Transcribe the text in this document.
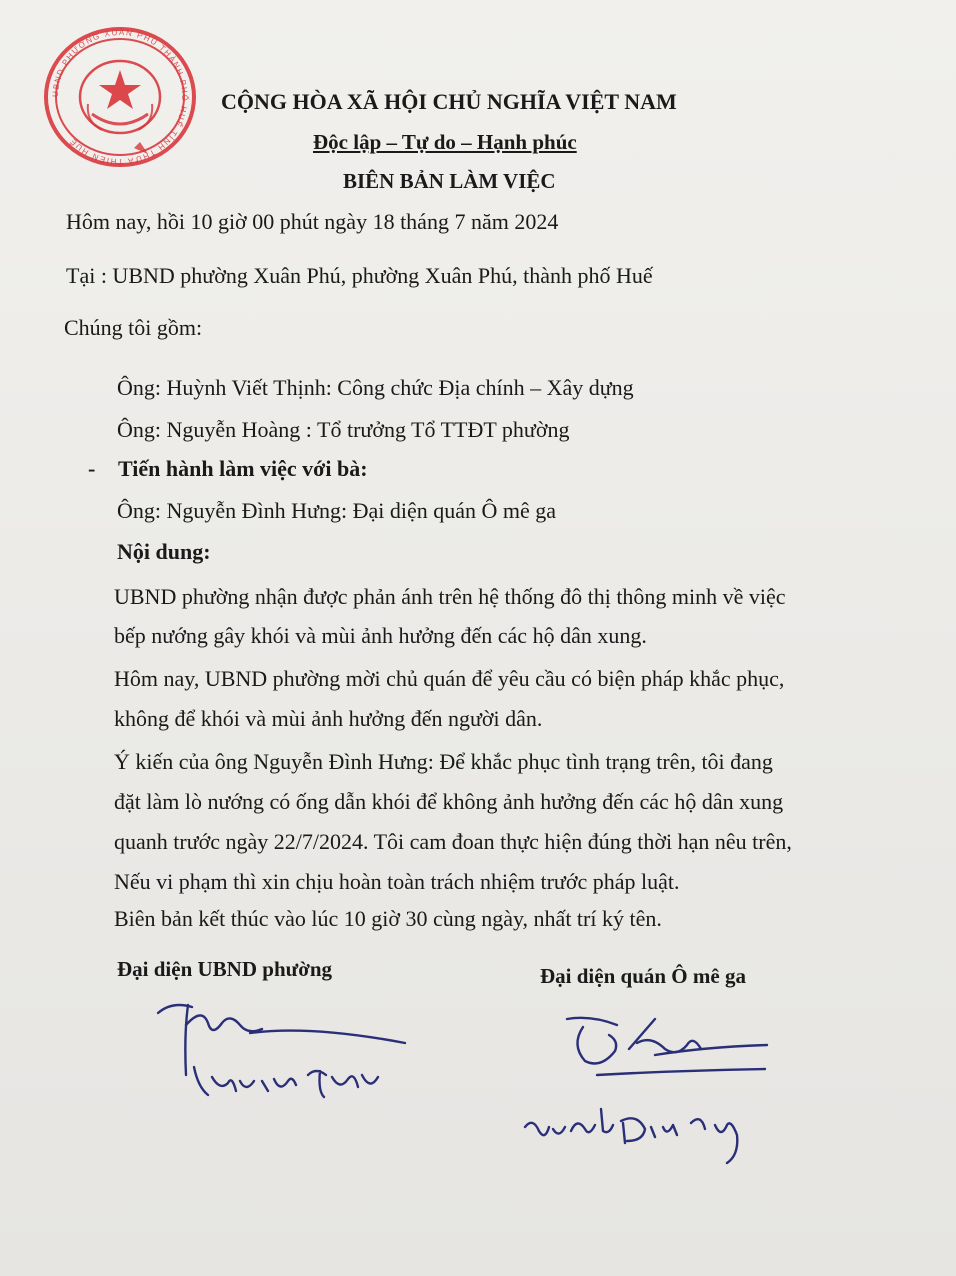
UBND PHƯỜNG XUÂN PHÚ THÀNH PHỐ HUẾ TỈNH THỪA THIÊN HUẾ
CỘNG HÒA XÃ HỘI CHỦ NGHĨA VIỆT NAM
Độc lập – Tự do – Hạnh phúc
BIÊN BẢN LÀM VIỆC
Hôm nay, hồi 10 giờ 00 phút ngày 18 tháng 7 năm 2024
Tại : UBND phường Xuân Phú, phường Xuân Phú, thành phố Huế
Chúng tôi gồm:
Ông: Huỳnh Viết Thịnh: Công chức Địa chính – Xây dựng
Ông: Nguyễn Hoàng : Tổ trưởng Tổ TTĐT phường
- Tiến hành làm việc với bà:
Ông: Nguyễn Đình Hưng: Đại diện quán Ô mê ga
Nội dung:
UBND phường nhận được phản ánh trên hệ thống đô thị thông minh về việc
bếp nướng gây khói và mùi ảnh hưởng đến các hộ dân xung.
Hôm nay, UBND phường mời chủ quán để yêu cầu có biện pháp khắc phục,
không để khói và mùi ảnh hưởng đến người dân.
Ý kiến của ông Nguyễn Đình Hưng: Để khắc phục tình trạng trên, tôi đang
đặt làm lò nướng có ống dẫn khói để không ảnh hưởng đến các hộ dân xung
quanh trước ngày 22/7/2024. Tôi cam đoan thực hiện đúng thời hạn nêu trên,
Nếu vi phạm thì xin chịu hoàn toàn trách nhiệm trước pháp luật.
Biên bản kết thúc vào lúc 10 giờ 30 cùng ngày, nhất trí ký tên.
Đại diện UBND phường	Đại diện quán Ô mê ga
